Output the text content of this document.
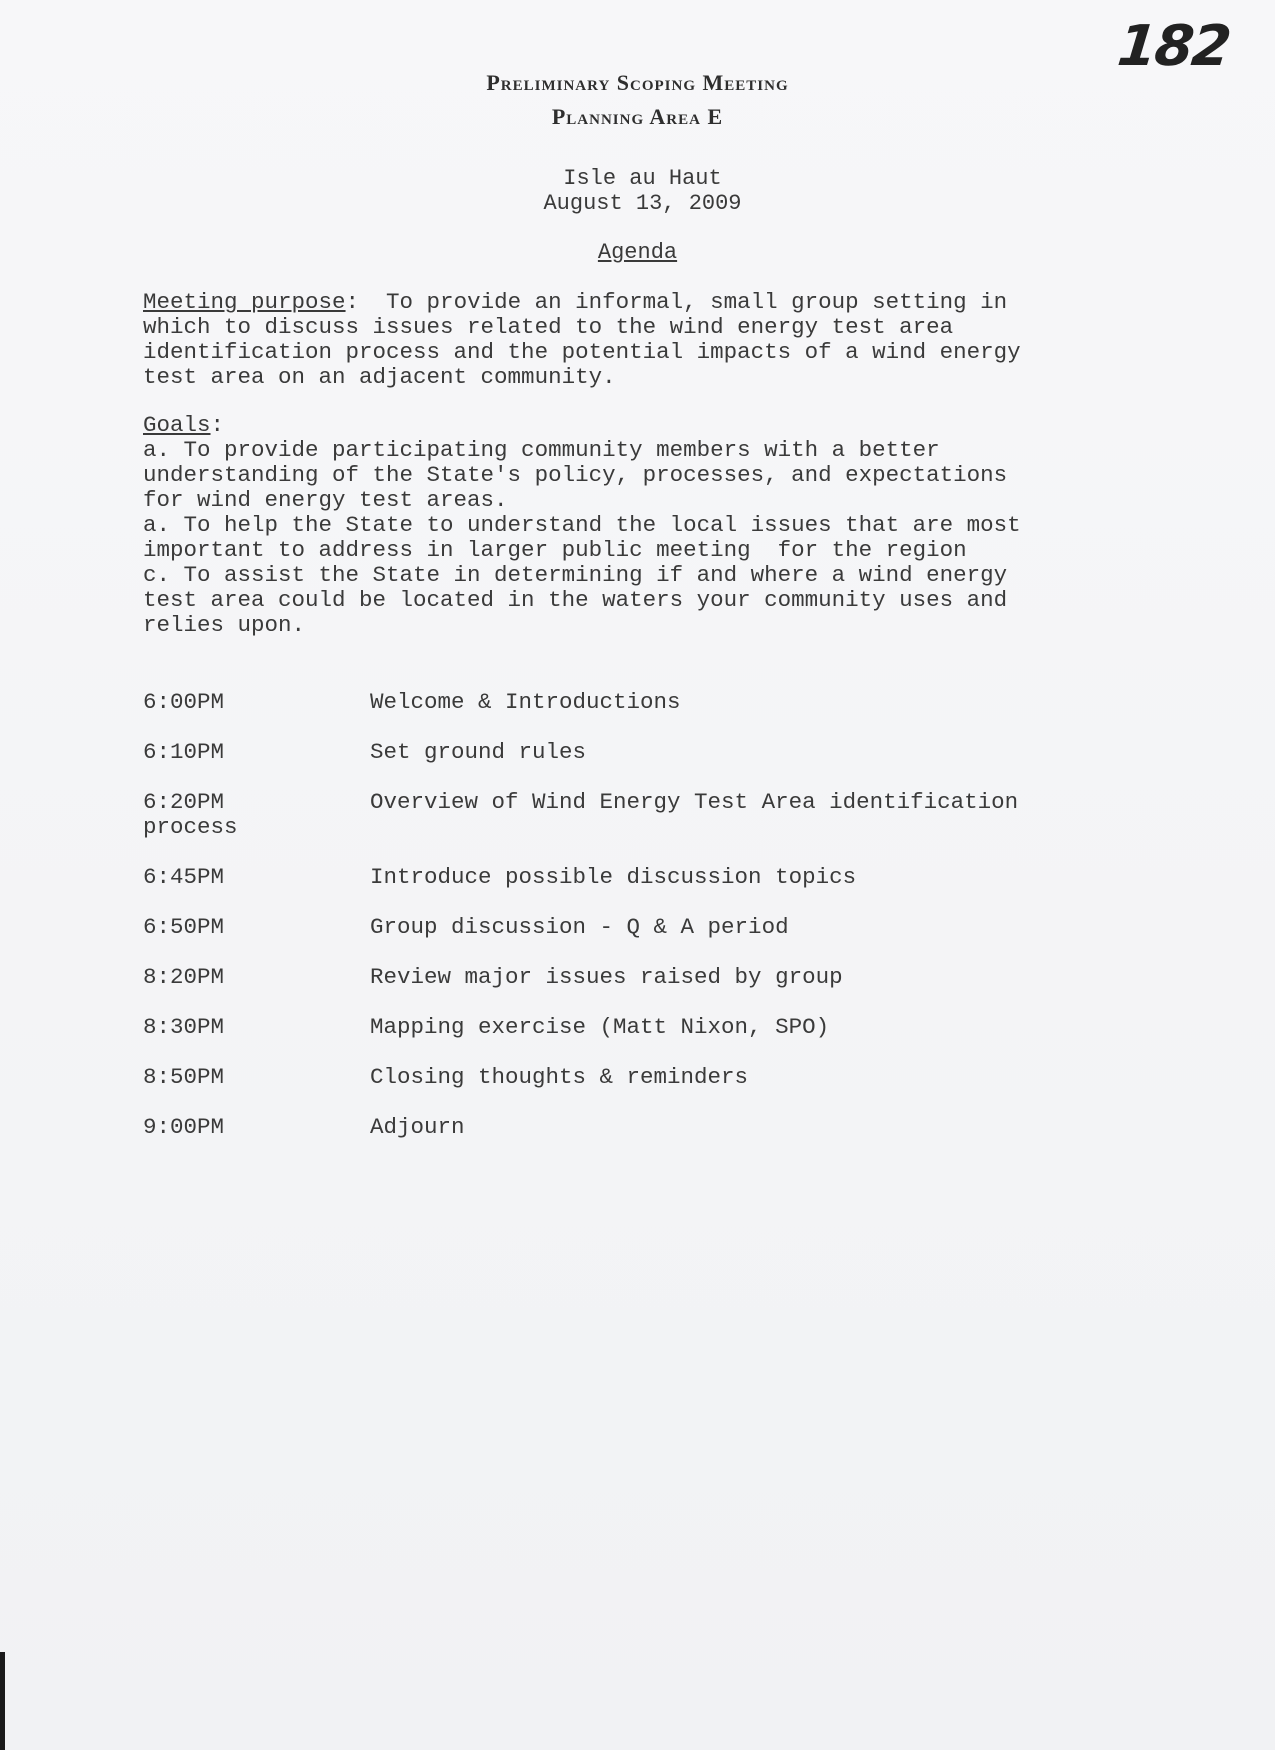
182
Preliminary Scoping Meeting
Planning Area E
Isle au Haut
August 13, 2009
Agenda
Meeting purpose:  To provide an informal, small group setting in
which to discuss issues related to the wind energy test area
identification process and the potential impacts of a wind energy
test area on an adjacent community.
Goals:
a. To provide participating community members with a better
understanding of the State's policy, processes, and expectations
for wind energy test areas.
a. To help the State to understand the local issues that are most
important to address in larger public meeting  for the region
c. To assist the State in determining if and where a wind energy
test area could be located in the waters your community uses and
relies upon.
6:00PM	Welcome & Introductions
6:10PM	Set ground rules
6:20PM	Overview of Wind Energy Test Area identification
process
6:45PM	Introduce possible discussion topics
6:50PM	Group discussion - Q & A period
8:20PM	Review major issues raised by group
8:30PM	Mapping exercise (Matt Nixon, SPO)
8:50PM	Closing thoughts & reminders
9:00PM	Adjourn
